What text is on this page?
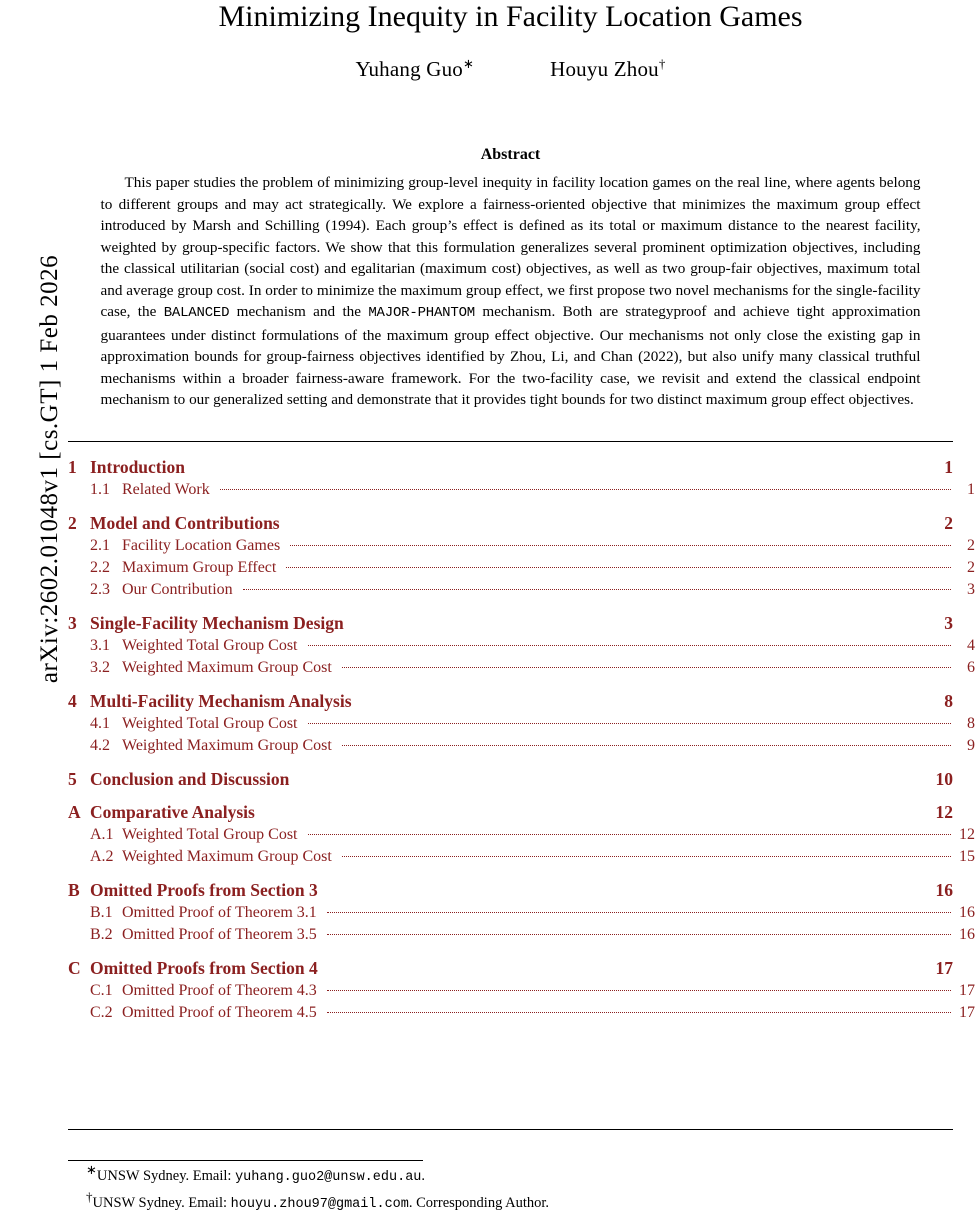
arXiv:2602.01048v1 [cs.GT] 1 Feb 2026
Minimizing Inequity in Facility Location Games
Yuhang Guo∗	Houyu Zhou†
Abstract
This paper studies the problem of minimizing group-level inequity in facility location games on the real line, where agents belong to different groups and may act strategically. We explore a fairness-oriented objective that minimizes the maximum group effect introduced by Marsh and Schilling (1994). Each group’s effect is defined as its total or maximum distance to the nearest facility, weighted by group-specific factors. We show that this formulation generalizes several prominent optimization objectives, including the classical utilitarian (social cost) and egalitarian (maximum cost) objectives, as well as two group-fair objectives, maximum total and average group cost. In order to minimize the maximum group effect, we first propose two novel mechanisms for the single-facility case, the BALANCED mechanism and the MAJOR-PHANTOM mechanism. Both are strategyproof and achieve tight approximation guarantees under distinct formulations of the maximum group effect objective. Our mechanisms not only close the existing gap in approximation bounds for group-fairness objectives identified by Zhou, Li, and Chan (2022), but also unify many classical truthful mechanisms within a broader fairness-aware framework. For the two-facility case, we revisit and extend the classical endpoint mechanism to our generalized setting and demonstrate that it provides tight bounds for two distinct maximum group effect objectives.
1 Introduction	1
1.1 Related Work	1
2 Model and Contributions	2
2.1 Facility Location Games	2
2.2 Maximum Group Effect	2
2.3 Our Contribution	3
3 Single-Facility Mechanism Design	3
3.1 Weighted Total Group Cost	4
3.2 Weighted Maximum Group Cost	6
4 Multi-Facility Mechanism Analysis	8
4.1 Weighted Total Group Cost	8
4.2 Weighted Maximum Group Cost	9
5 Conclusion and Discussion	10
A Comparative Analysis	12
A.1 Weighted Total Group Cost	12
A.2 Weighted Maximum Group Cost	15
B Omitted Proofs from Section 3	16
B.1 Omitted Proof of Theorem 3.1	16
B.2 Omitted Proof of Theorem 3.5	16
C Omitted Proofs from Section 4	17
C.1 Omitted Proof of Theorem 4.3	17
C.2 Omitted Proof of Theorem 4.5	17
∗UNSW Sydney. Email: yuhang.guo2@unsw.edu.au.
†UNSW Sydney. Email: houyu.zhou97@gmail.com. Corresponding Author.
